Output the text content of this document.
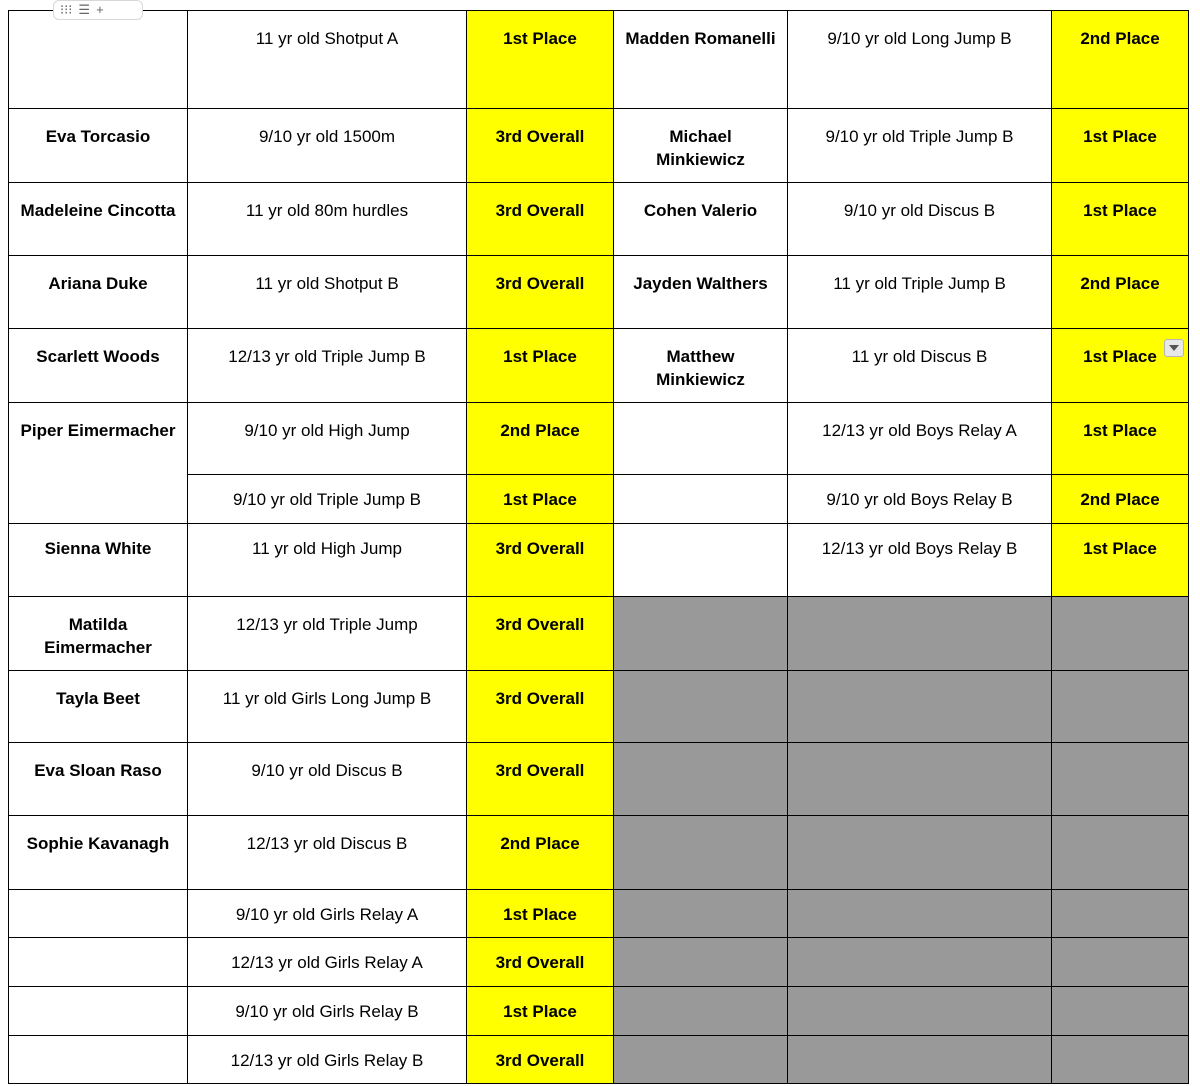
⁝⁝⁝ ☰ +

	11 yr old Shotput A	1st Place	Madden Romanelli	9/10 yr old Long Jump B	2nd Place

Eva Torcasio	9/10 yr old 1500m	3rd Overall	Michael Minkiewicz	9/10 yr old Triple Jump B	1st Place

Madeleine Cincotta	11 yr old 80m hurdles	3rd Overall	Cohen Valerio	9/10 yr old Discus B	1st Place

Ariana Duke	11 yr old Shotput B	3rd Overall	Jayden Walthers	11 yr old Triple Jump B	2nd Place

Scarlett Woods	12/13 yr old Triple Jump B	1st Place	Matthew Minkiewicz	11 yr old Discus B	1st Place

Piper Eimermacher	9/10 yr old High Jump	2nd Place		12/13 yr old Boys Relay A	1st Place

	9/10 yr old Triple Jump B	1st Place		9/10 yr old Boys Relay B	2nd Place

Sienna White	11 yr old High Jump	3rd Overall		12/13 yr old Boys Relay B	1st Place

Matilda Eimermacher	12/13 yr old Triple Jump	3rd Overall			

Tayla Beet	11 yr old Girls Long Jump B	3rd Overall			

Eva Sloan Raso	9/10 yr old Discus B	3rd Overall			

Sophie Kavanagh	12/13 yr old Discus B	2nd Place			

	9/10 yr old Girls Relay A	1st Place			

	12/13 yr old Girls Relay A	3rd Overall			

	9/10 yr old Girls Relay B	1st Place			

	12/13 yr old Girls Relay B	3rd Overall			
